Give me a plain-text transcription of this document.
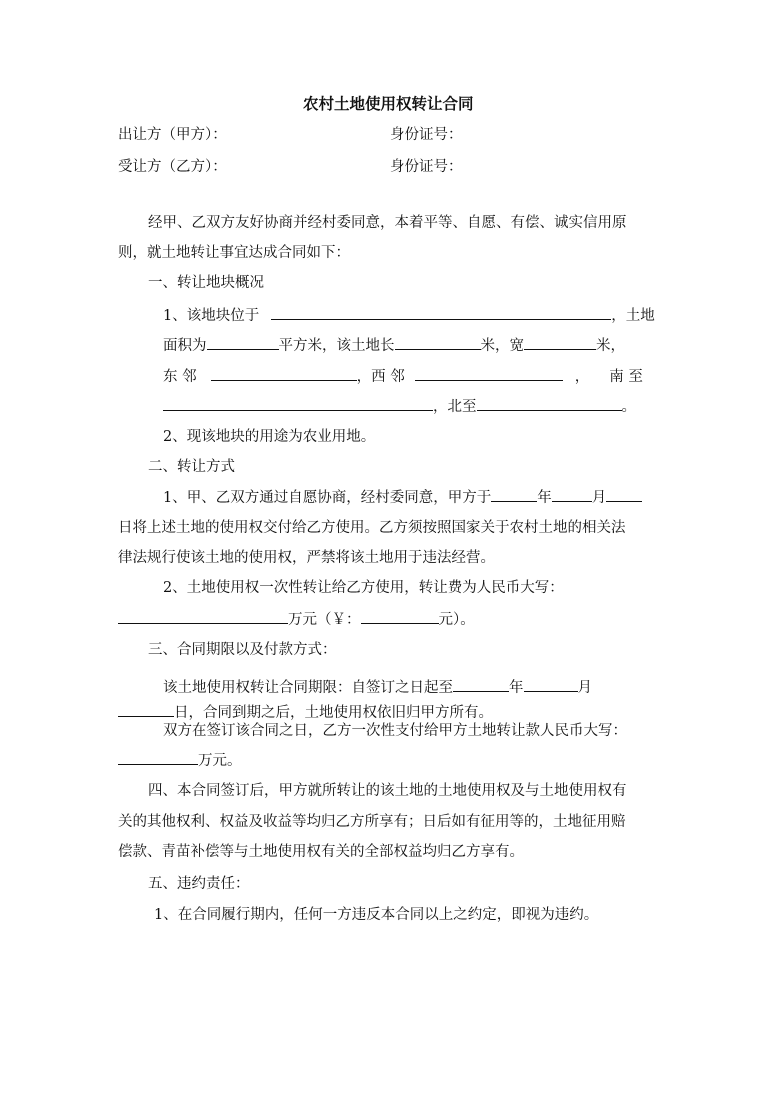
农村土地使用权转让合同
出让方（甲方）：	身份证号：
受让方（乙方）：	身份证号：
经甲、乙双方友好协商并经村委同意，本着平等、自愿、有偿、诚实信用原
则，就土地转让事宜达成合同如下：
一、转让地块概况
1、该地块位于	，土地
面积为	平方米，该土地长	米，宽	米，
东 邻	，西 邻	， 南 至
，北至	。
2、现该地块的用途为农业用地。
二、转让方式
1、甲、乙双方通过自愿协商，经村委同意，甲方于	年	月
日将上述土地的使用权交付给乙方使用。乙方须按照国家关于农村土地的相关法
律法规行使该土地的使用权，严禁将该土地用于违法经营。
2、土地使用权一次性转让给乙方使用，转让费为人民币大写：
万元（￥：	元）。
三、合同期限以及付款方式：
该土地使用权转让合同期限：自签订之日起至	年	月
日，合同到期之后，土地使用权依旧归甲方所有。
双方在签订该合同之日，乙方一次性支付给甲方土地转让款人民币大写：
万元。
四、本合同签订后，甲方就所转让的该土地的土地使用权及与土地使用权有
关的其他权利、权益及收益等均归乙方所享有；日后如有征用等的，土地征用赔
偿款、青苗补偿等与土地使用权有关的全部权益均归乙方享有。
五、违约责任：
1、在合同履行期内，任何一方违反本合同以上之约定，即视为违约。
